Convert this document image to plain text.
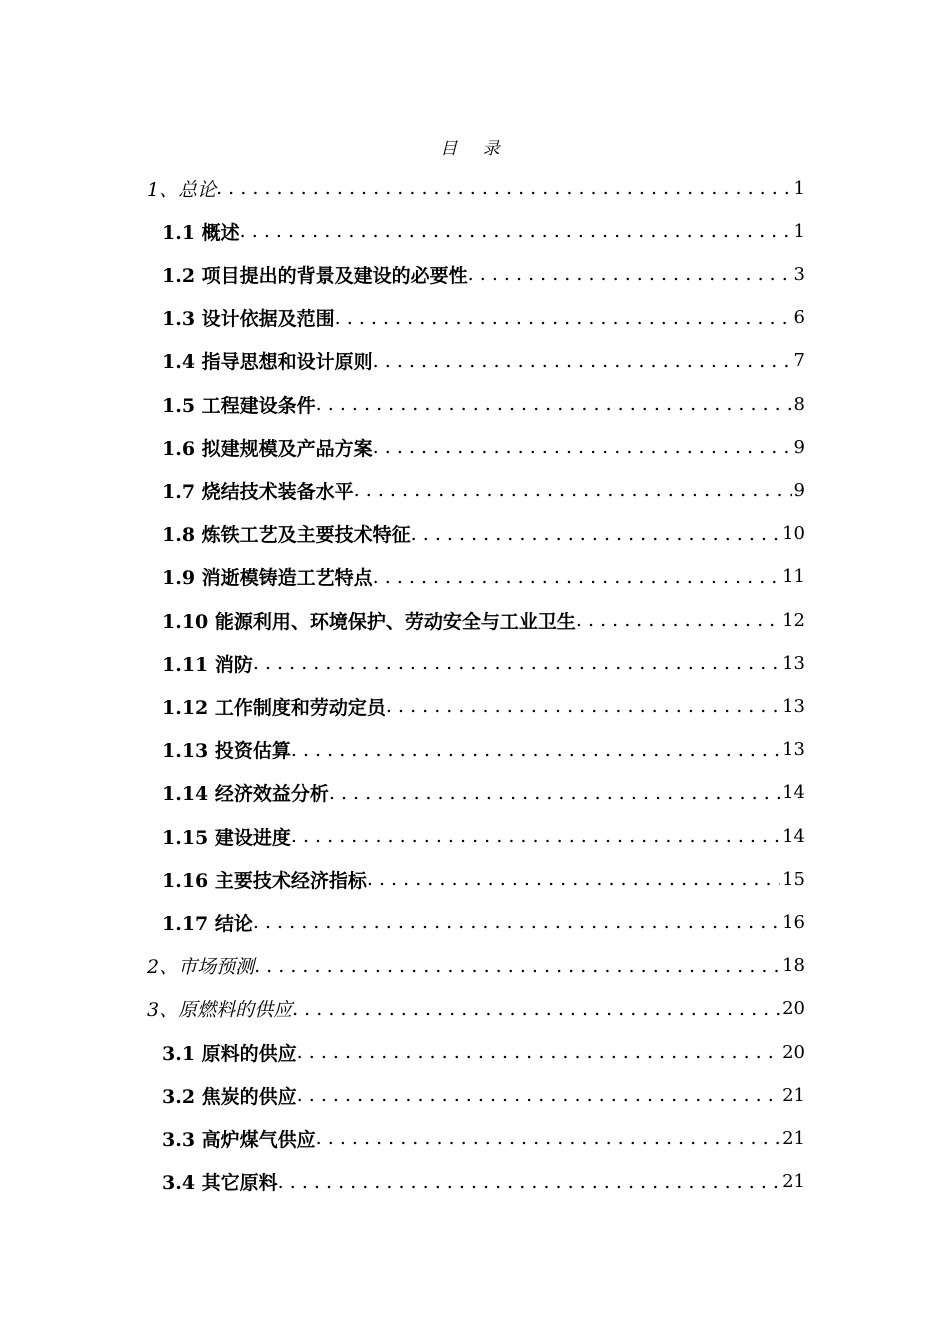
目 录
1、总论 . . .	1
1.1 概述 . . .	1
1.2 项目提出的背景及建设的必要性 . . .	3
1.3 设计依据及范围 . . .	6
1.4 指导思想和设计原则 . . .	7
1.5 工程建设条件 . . .	8
1.6 拟建规模及产品方案 . . .	9
1.7 烧结技术装备水平 . . .	9
1.8 炼铁工艺及主要技术特征 . . .	10
1.9 消逝模铸造工艺特点 . . .	11
1.10 能源利用、环境保护、劳动安全与工业卫生 . . .	12
1.11 消防 . . .	13
1.12 工作制度和劳动定员 . . .	13
1.13 投资估算 . . .	13
1.14 经济效益分析 . . .	14
1.15 建设进度 . . .	14
1.16 主要技术经济指标 . . .	15
1.17 结论 . . .	16
2、市场预测 . . .	18
3、原燃料的供应 . . .	20
3.1 原料的供应 . . .	20
3.2 焦炭的供应 . . .	21
3.3 高炉煤气供应 . . .	21
3.4 其它原料 . . .	21
